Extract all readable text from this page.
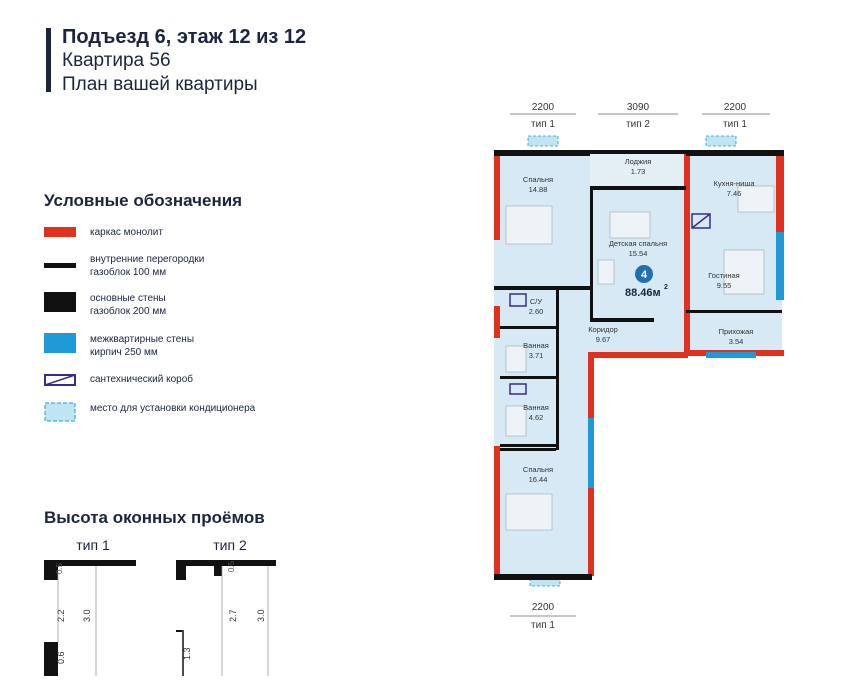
Подъезд 6, этаж 12 из 12
Квартира 56
План вашей квартиры
Условные обозначения
каркас монолит
внутренние перегородки
газоблок 100 мм
основные стены
газоблок 200 мм
межквартирные стены
кирпич 250 мм
сантехнический короб
место для установки кондиционера
Высота оконных проёмов
тип 1
0.5
2.2
0.6
3.0
тип 2
0.5
2.7
1.3
3.0
2200
тип 1
3090
тип 2
2200
тип 1
Спальня
14.88
Лоджия
1.73
Кухня-ниша
7.46
Детская спальня
15.54
Гостиная
9.55
С/У
2.60
Коридор
9.67
Прихожая
3.54
Ванная
3.71
Ванная
4.62
Спальня
16.44
4
88.46м 2
2200
тип 1
